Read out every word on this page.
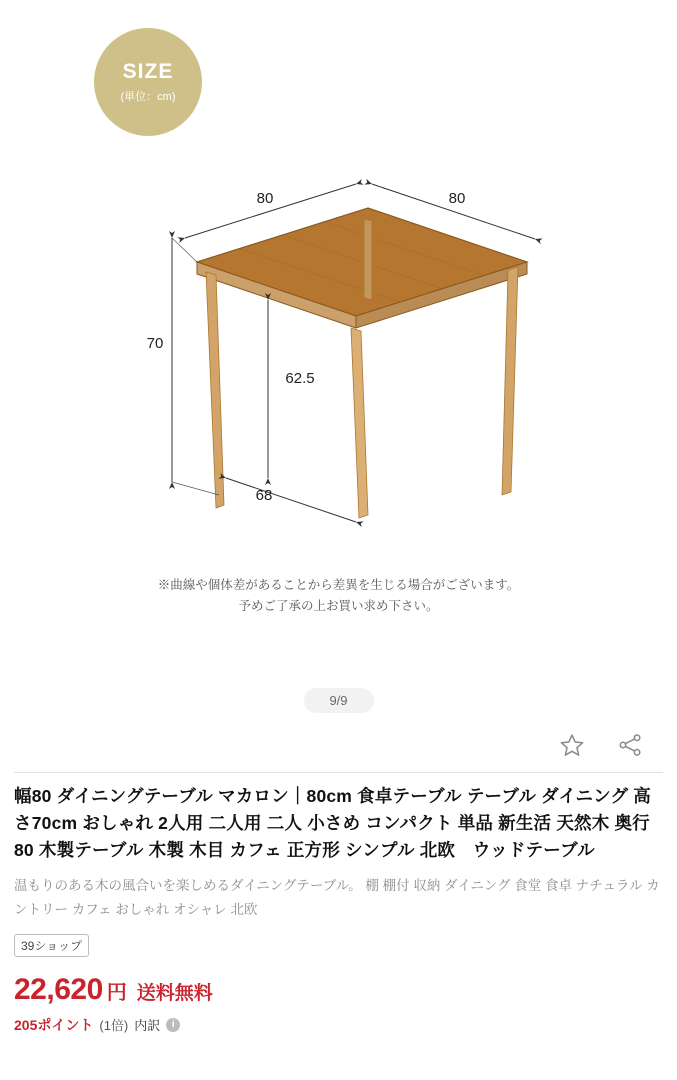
SIZE
(単位：cm)
80	80
70
62.5
68
※曲線や個体差があることから差異を生じる場合がございます。
予めご了承の上お買い求め下さい。
9/9
幅80 ダイニングテーブル マカロン｜80cm 食卓テーブル テーブル ダイニング 高さ70cm おしゃれ 2人用 二人用 二人 小さめ コンパクト 単品 新生活 天然木 奥行80 木製テーブル 木製 木目 カフェ 正方形 シンプル 北欧　ウッドテーブル

温もりのある木の風合いを楽しめるダイニングテーブル。 棚 棚付 収納 ダイニング 食堂 食卓 ナチュラル カントリー カフェ おしゃれ オシャレ 北欧

39ショップ
22,620 円 送料無料
205ポイント (1倍) 内訳	i
